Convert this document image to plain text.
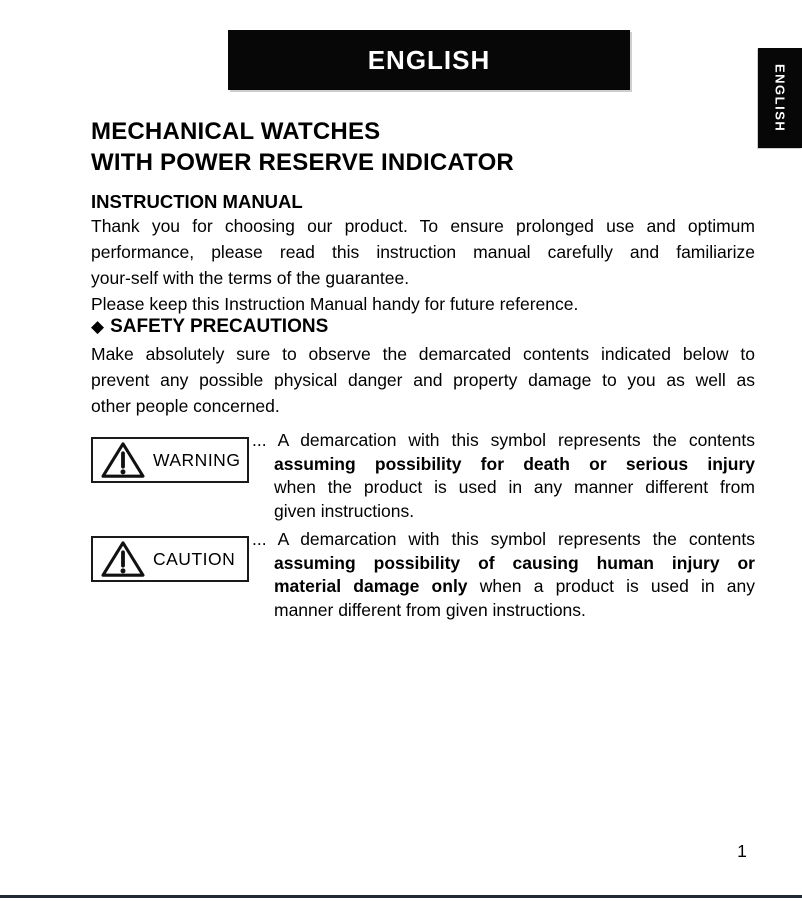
ENGLISH
ENGLISH
MECHANICAL WATCHES
WITH POWER RESERVE INDICATOR
INSTRUCTION MANUAL
Thank you for choosing our product. To ensure prolonged use and optimum
performance, please read this instruction manual carefully and familiarize
your-self with the terms of the guarantee.
Please keep this Instruction Manual handy for future reference.
◆ SAFETY PRECAUTIONS
Make absolutely sure to observe the demarcated contents indicated below to
prevent any possible physical danger and property damage to you as well as
other people concerned.
WARNING
... A demarcation with this symbol represents the contents
assuming possibility for death or serious injury
when the product is used in any manner different from
given instructions.
CAUTION
... A demarcation with this symbol represents the contents
assuming possibility of causing human injury or
material damage only when a product is used in any
manner different from given instructions.
1
